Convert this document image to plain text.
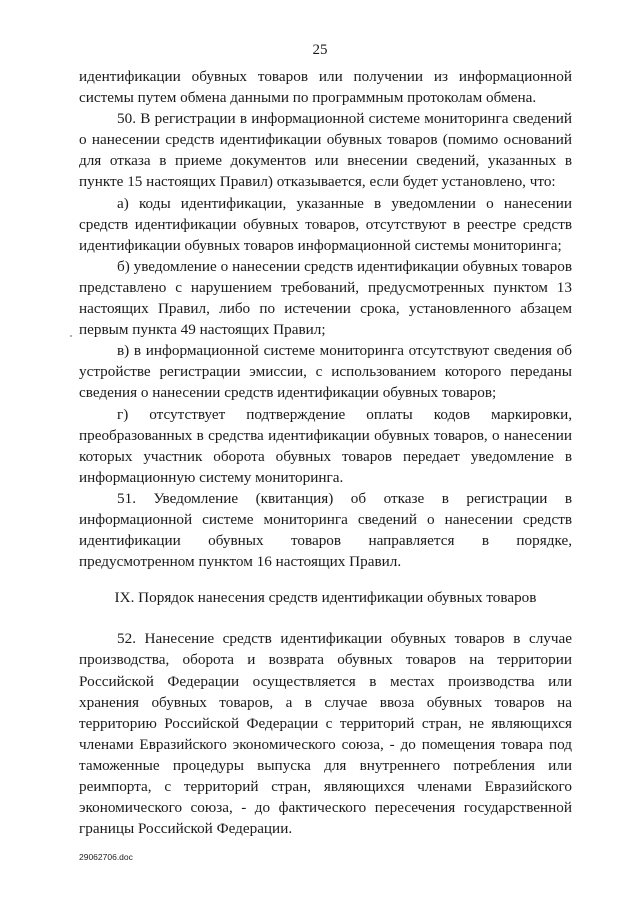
25

идентификации обувных товаров или получении из информационной системы путем обмена данными по программным протоколам обмена.

50. В регистрации в информационной системе мониторинга сведений о нанесении средств идентификации обувных товаров (помимо оснований для отказа в приеме документов или внесении сведений, указанных в пункте 15 настоящих Правил) отказывается, если будет установлено, что:

а) коды идентификации, указанные в уведомлении о нанесении средств идентификации обувных товаров, отсутствуют в реестре средств идентификации обувных товаров информационной системы мониторинга;

б) уведомление о нанесении средств идентификации обувных товаров представлено с нарушением требований, предусмотренных пунктом 13 настоящих Правил, либо по истечении срока, установленного абзацем первым пункта 49 настоящих Правил;

в) в информационной системе мониторинга отсутствуют сведения об устройстве регистрации эмиссии, с использованием которого переданы сведения о нанесении средств идентификации обувных товаров;

г) отсутствует подтверждение оплаты кодов маркировки, преобразованных в средства идентификации обувных товаров, о нанесении которых участник оборота обувных товаров передает уведомление в информационную систему мониторинга.

51. Уведомление (квитанция) об отказе в регистрации в информационной системе мониторинга сведений о нанесении средств идентификации обувных товаров направляется в порядке, предусмотренном пунктом 16 настоящих Правил.

IX. Порядок нанесения средств идентификации обувных товаров

52. Нанесение средств идентификации обувных товаров в случае производства, оборота и возврата обувных товаров на территории Российской Федерации осуществляется в местах производства или хранения обувных товаров, а в случае ввоза обувных товаров на территорию Российской Федерации с территорий стран, не являющихся членами Евразийского экономического союза, - до помещения товара под таможенные процедуры выпуска для внутреннего потребления или реимпорта, с территорий стран, являющихся членами Евразийского экономического союза, - до фактического пересечения государственной границы Российской Федерации.

29062706.doc
